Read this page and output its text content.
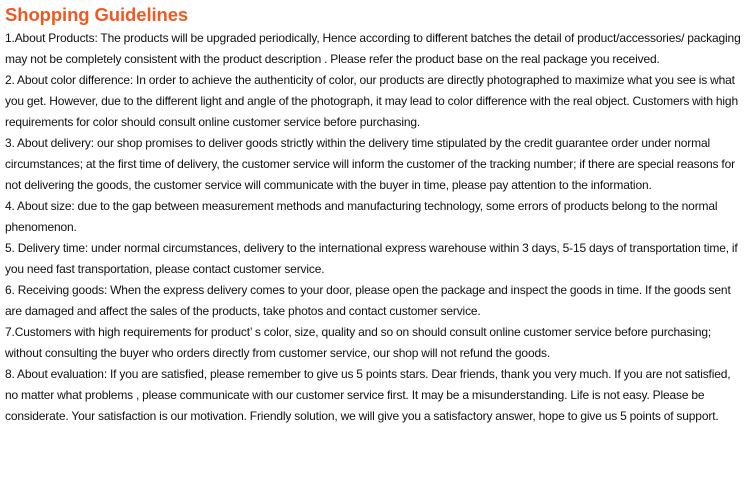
Shopping Guidelines

1.About Products: The products will be upgraded periodically, Hence according to different batches the detail of product/accessories/ packaging may not be completely consistent with the product description . Please refer the product base on the real package you received.

2. About color difference: In order to achieve the authenticity of color, our products are directly photographed to maximize what you see is what you get. However, due to the different light and angle of the photograph, it may lead to color difference with the real object. Customers with high requirements for color should consult online customer service before purchasing.

3. About delivery: our shop promises to deliver goods strictly within the delivery time stipulated by the credit guarantee order under normal circumstances; at the first time of delivery, the customer service will inform the customer of the tracking number; if there are special reasons for not delivering the goods, the customer service will communicate with the buyer in time, please pay attention to the information.

4. About size: due to the gap between measurement methods and manufacturing technology, some errors of products belong to the normal phenomenon.

5. Delivery time: under normal circumstances, delivery to the international express warehouse within 3 days, 5-15 days of transportation time, if you need fast transportation, please contact customer service.

6. Receiving goods: When the express delivery comes to your door, please open the package and inspect the goods in time. If the goods sent are damaged and affect the sales of the products, take photos and contact customer service.

7.Customers with high requirements for product’ s color, size, quality and so on should consult online customer service before purchasing; without consulting the buyer who orders directly from customer service, our shop will not refund the goods.

8. About evaluation: If you are satisfied, please remember to give us 5 points stars. Dear friends, thank you very much. If you are not satisfied, no matter what problems , please communicate with our customer service first. It may be a misunderstanding. Life is not easy. Please be considerate. Your satisfaction is our motivation. Friendly solution, we will give you a satisfactory answer, hope to give us 5 points of support.
